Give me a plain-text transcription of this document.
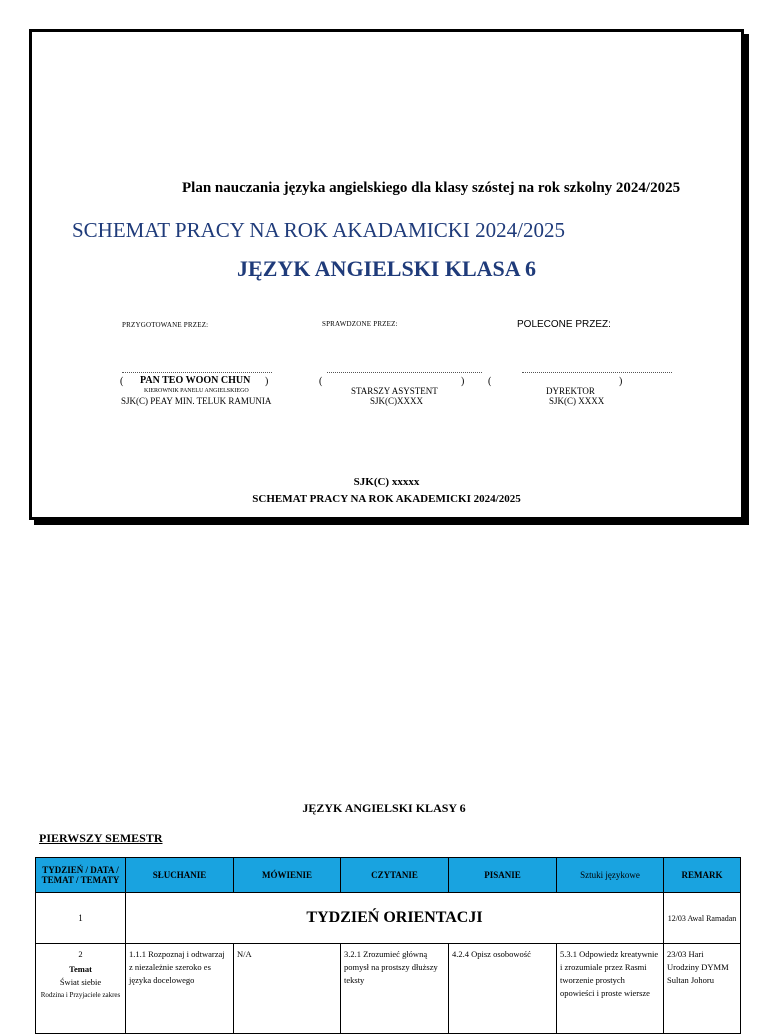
Plan nauczania języka angielskiego dla klasy szóstej na rok szkolny 2024/2025
SCHEMAT PRACY NA ROK AKADAMICKI 2024/2025
JĘZYK ANGIELSKI KLASA 6
PRZYGOTOWANE PRZEZ:	SPRAWDZONE PRZEZ:	POLECONE PRZEZ:
( PAN TEO WOON CHUN )
KIEROWNIK PANELU ANGIELSKIEGO
SJK(C) PEAY MIN. TELUK RAMUNIA
(	)
STARSZY ASYSTENT
SJK(C)XXXX
(	)
DYREKTOR
SJK(C) XXXX
SJK(C) xxxxx
SCHEMAT PRACY NA ROK AKADEMICKI 2024/2025
JĘZYK ANGIELSKI KLASY 6
PIERWSZY SEMESTR
TYDZIEŃ / DATA / TEMAT / TEMATY	SŁUCHANIE	MÓWIENIE	CZYTANIE	PISANIE	Sztuki językowe	REMARK
1	TYDZIEŃ ORIENTACJI					12/03 Awal Ramadan

2
Temat
Świat siebie
Rodzina i Przyjaciele zakres	1.1.1 Rozpoznaj i odtwarzaj z niezależnie szeroko es języka docelowego	N/A	3.2.1 Zrozumieć główną pomysł na prostszy dłuższy teksty	4.2.4 Opisz osobowość	5.3.1 Odpowiedz kreatywnie i zrozumiale przez Rasmi tworzenie prostych opowieści i proste wiersze	23/03 Hari Urodziny DYMM Sultan Johoru
